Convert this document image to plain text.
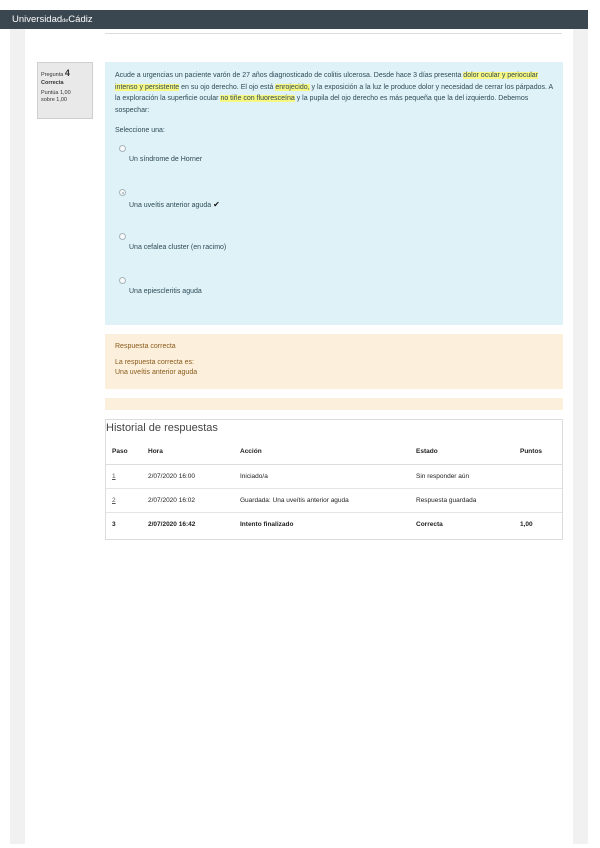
UniversidaddeCádiz
Pregunta 4
Correcta
Puntúa 1,00
sobre 1,00
Acude a urgencias un paciente varón de 27 años diagnosticado de colitis ulcerosa. Desde hace 3 días presenta dolor ocular y periocular intenso y persistente en su ojo derecho. El ojo está enrojecido, y la exposición a la luz le produce dolor y necesidad de cerrar los párpados. A la exploración la superficie ocular no tiñe con fluoresceína y la pupila del ojo derecho es más pequeña que la del izquierdo. Debemos sospechar:
Seleccione una:
Un síndrome de Horner
Una uveítis anterior aguda ✔
Una cefalea cluster (en racimo)
Una epiescleritis aguda
Respuesta correcta
La respuesta correcta es:
Una uveítis anterior aguda
Historial de respuestas
Paso	Hora	Acción	Estado	Puntos
1	2/07/2020 16:00	Iniciado/a	Sin responder aún	
2	2/07/2020 16:02	Guardada: Una uveítis anterior aguda	Respuesta guardada	
3	2/07/2020 16:42	Intento finalizado	Correcta	1,00
